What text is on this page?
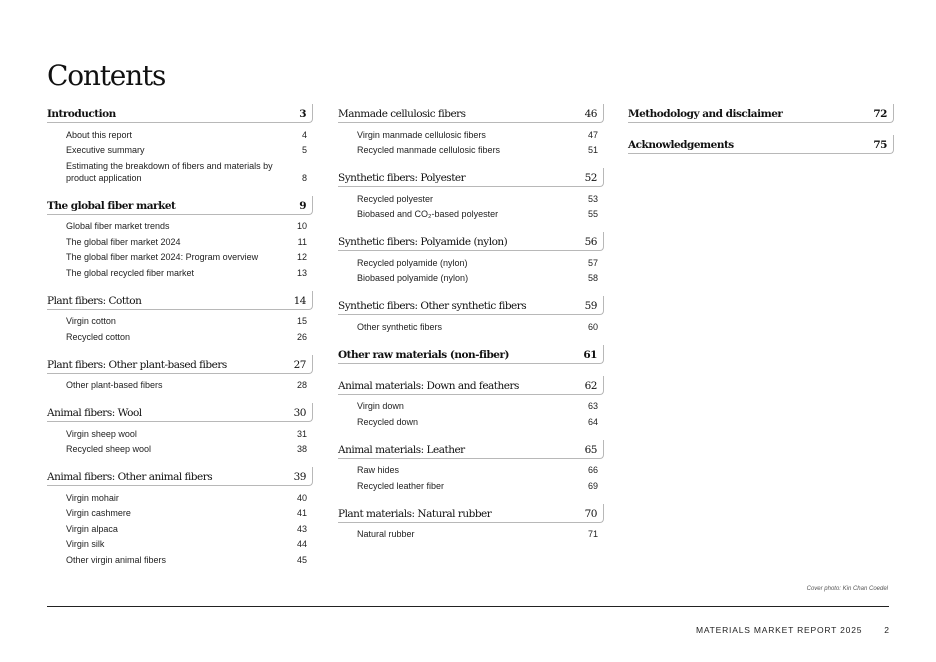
Contents
Introduction	3
About this report	4
Executive summary	5
Estimating the breakdown of fibers and materials by product application	8
The global fiber market	9
Global fiber market trends	10
The global fiber market 2024	11
The global fiber market 2024: Program overview	12
The global recycled fiber market	13
Plant fibers: Cotton	14
Virgin cotton	15
Recycled cotton	26
Plant fibers: Other plant-based fibers	27
Other plant-based fibers	28
Animal fibers: Wool	30
Virgin sheep wool	31
Recycled sheep wool	38
Animal fibers: Other animal fibers	39
Virgin mohair	40
Virgin cashmere	41
Virgin alpaca	43
Virgin silk	44
Other virgin animal fibers	45
Manmade cellulosic fibers	46
Virgin manmade cellulosic fibers	47
Recycled manmade cellulosic fibers	51
Synthetic fibers: Polyester	52
Recycled polyester	53
Biobased and CO₂-based polyester	55
Synthetic fibers: Polyamide (nylon)	56
Recycled polyamide (nylon)	57
Biobased polyamide (nylon)	58
Synthetic fibers: Other synthetic fibers	59
Other synthetic fibers	60
Other raw materials (non-fiber)	61
Animal materials: Down and feathers	62
Virgin down	63
Recycled down	64
Animal materials: Leather	65
Raw hides	66
Recycled leather fiber	69
Plant materials: Natural rubber	70
Natural rubber	71
Methodology and disclaimer	72
Acknowledgements	75
Cover photo: Kin Chan Coedel
MATERIALS MARKET REPORT 2025	2
